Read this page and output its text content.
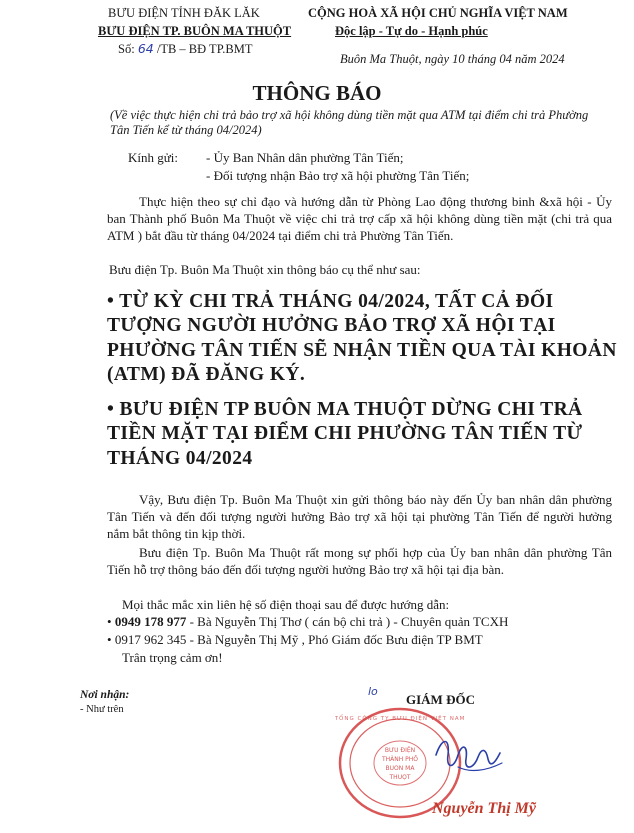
BƯU ĐIỆN TỈNH ĐĂK LĂK
BƯU ĐIỆN TP. BUÔN MA THUỘT
Số: 64 /TB – BĐ TP.BMT
CỘNG HOÀ XÃ HỘI CHỦ NGHĨA VIỆT NAM
Độc lập - Tự do - Hạnh phúc
Buôn Ma Thuột, ngày 10 tháng 04 năm 2024
THÔNG BÁO
(Về việc thực hiện chi trả bảo trợ xã hội không dùng tiền mặt qua ATM tại điểm chi trả Phường Tân Tiến kể từ tháng 04/2024)
Kính gửi: - Ủy Ban Nhân dân phường Tân Tiến;
- Đối tượng nhận Bảo trợ xã hội phường Tân Tiến;
Thực hiện theo sự chỉ đạo và hướng dẫn từ Phòng Lao động thương binh &xã hội - Ủy ban Thành phố Buôn Ma Thuột về việc chi trả trợ cấp xã hội không dùng tiền mặt (chi trả qua ATM ) bắt đầu từ tháng 04/2024 tại điểm chi trả Phường Tân Tiến.
Bưu điện Tp. Buôn Ma Thuột xin thông báo cụ thể như sau:
• TỪ KỲ CHI TRẢ THÁNG 04/2024, TẤT CẢ ĐỐI TƯỢNG NGƯỜI HƯỞNG BẢO TRỢ XÃ HỘI TẠI PHƯỜNG TÂN TIẾN SẼ NHẬN TIỀN QUA TÀI KHOẢN (ATM) ĐÃ ĐĂNG KÝ.
• BƯU ĐIỆN TP BUÔN MA THUỘT DỪNG CHI TRẢ TIỀN MẶT TẠI ĐIỂM CHI PHƯỜNG TÂN TIẾN TỪ THÁNG 04/2024
Vậy, Bưu điện Tp. Buôn Ma Thuột xin gửi thông báo này đến Ủy ban nhân dân phường Tân Tiến và đến đối tượng người hưởng Bảo trợ xã hội tại phường Tân Tiến để người hưởng nắm bắt thông tin kịp thời.
Bưu điện Tp. Buôn Ma Thuột rất mong sự phối hợp của Ủy ban nhân dân phường Tân Tiến hỗ trợ thông báo đến đối tượng người hưởng Bảo trợ xã hội tại địa bàn.
Mọi thắc mắc xin liên hệ số điện thoại sau để được hướng dẫn:
• 0949 178 977 - Bà Nguyễn Thị Thơ ( cán bộ chi trả ) - Chuyên quản TCXH
• 0917 962 345 - Bà Nguyễn Thị Mỹ , Phó Giám đốc Bưu điện TP BMT
Trân trọng cảm ơn!
Nơi nhận:
- Như trên
lo
GIÁM ĐỐC
BƯU ĐIỆN
THÀNH PHỐ
BUÔN MA
THUỘT
TỔNG CÔNG TY BƯU ĐIỆN VIỆT NAM
Nguyễn Thị Mỹ
